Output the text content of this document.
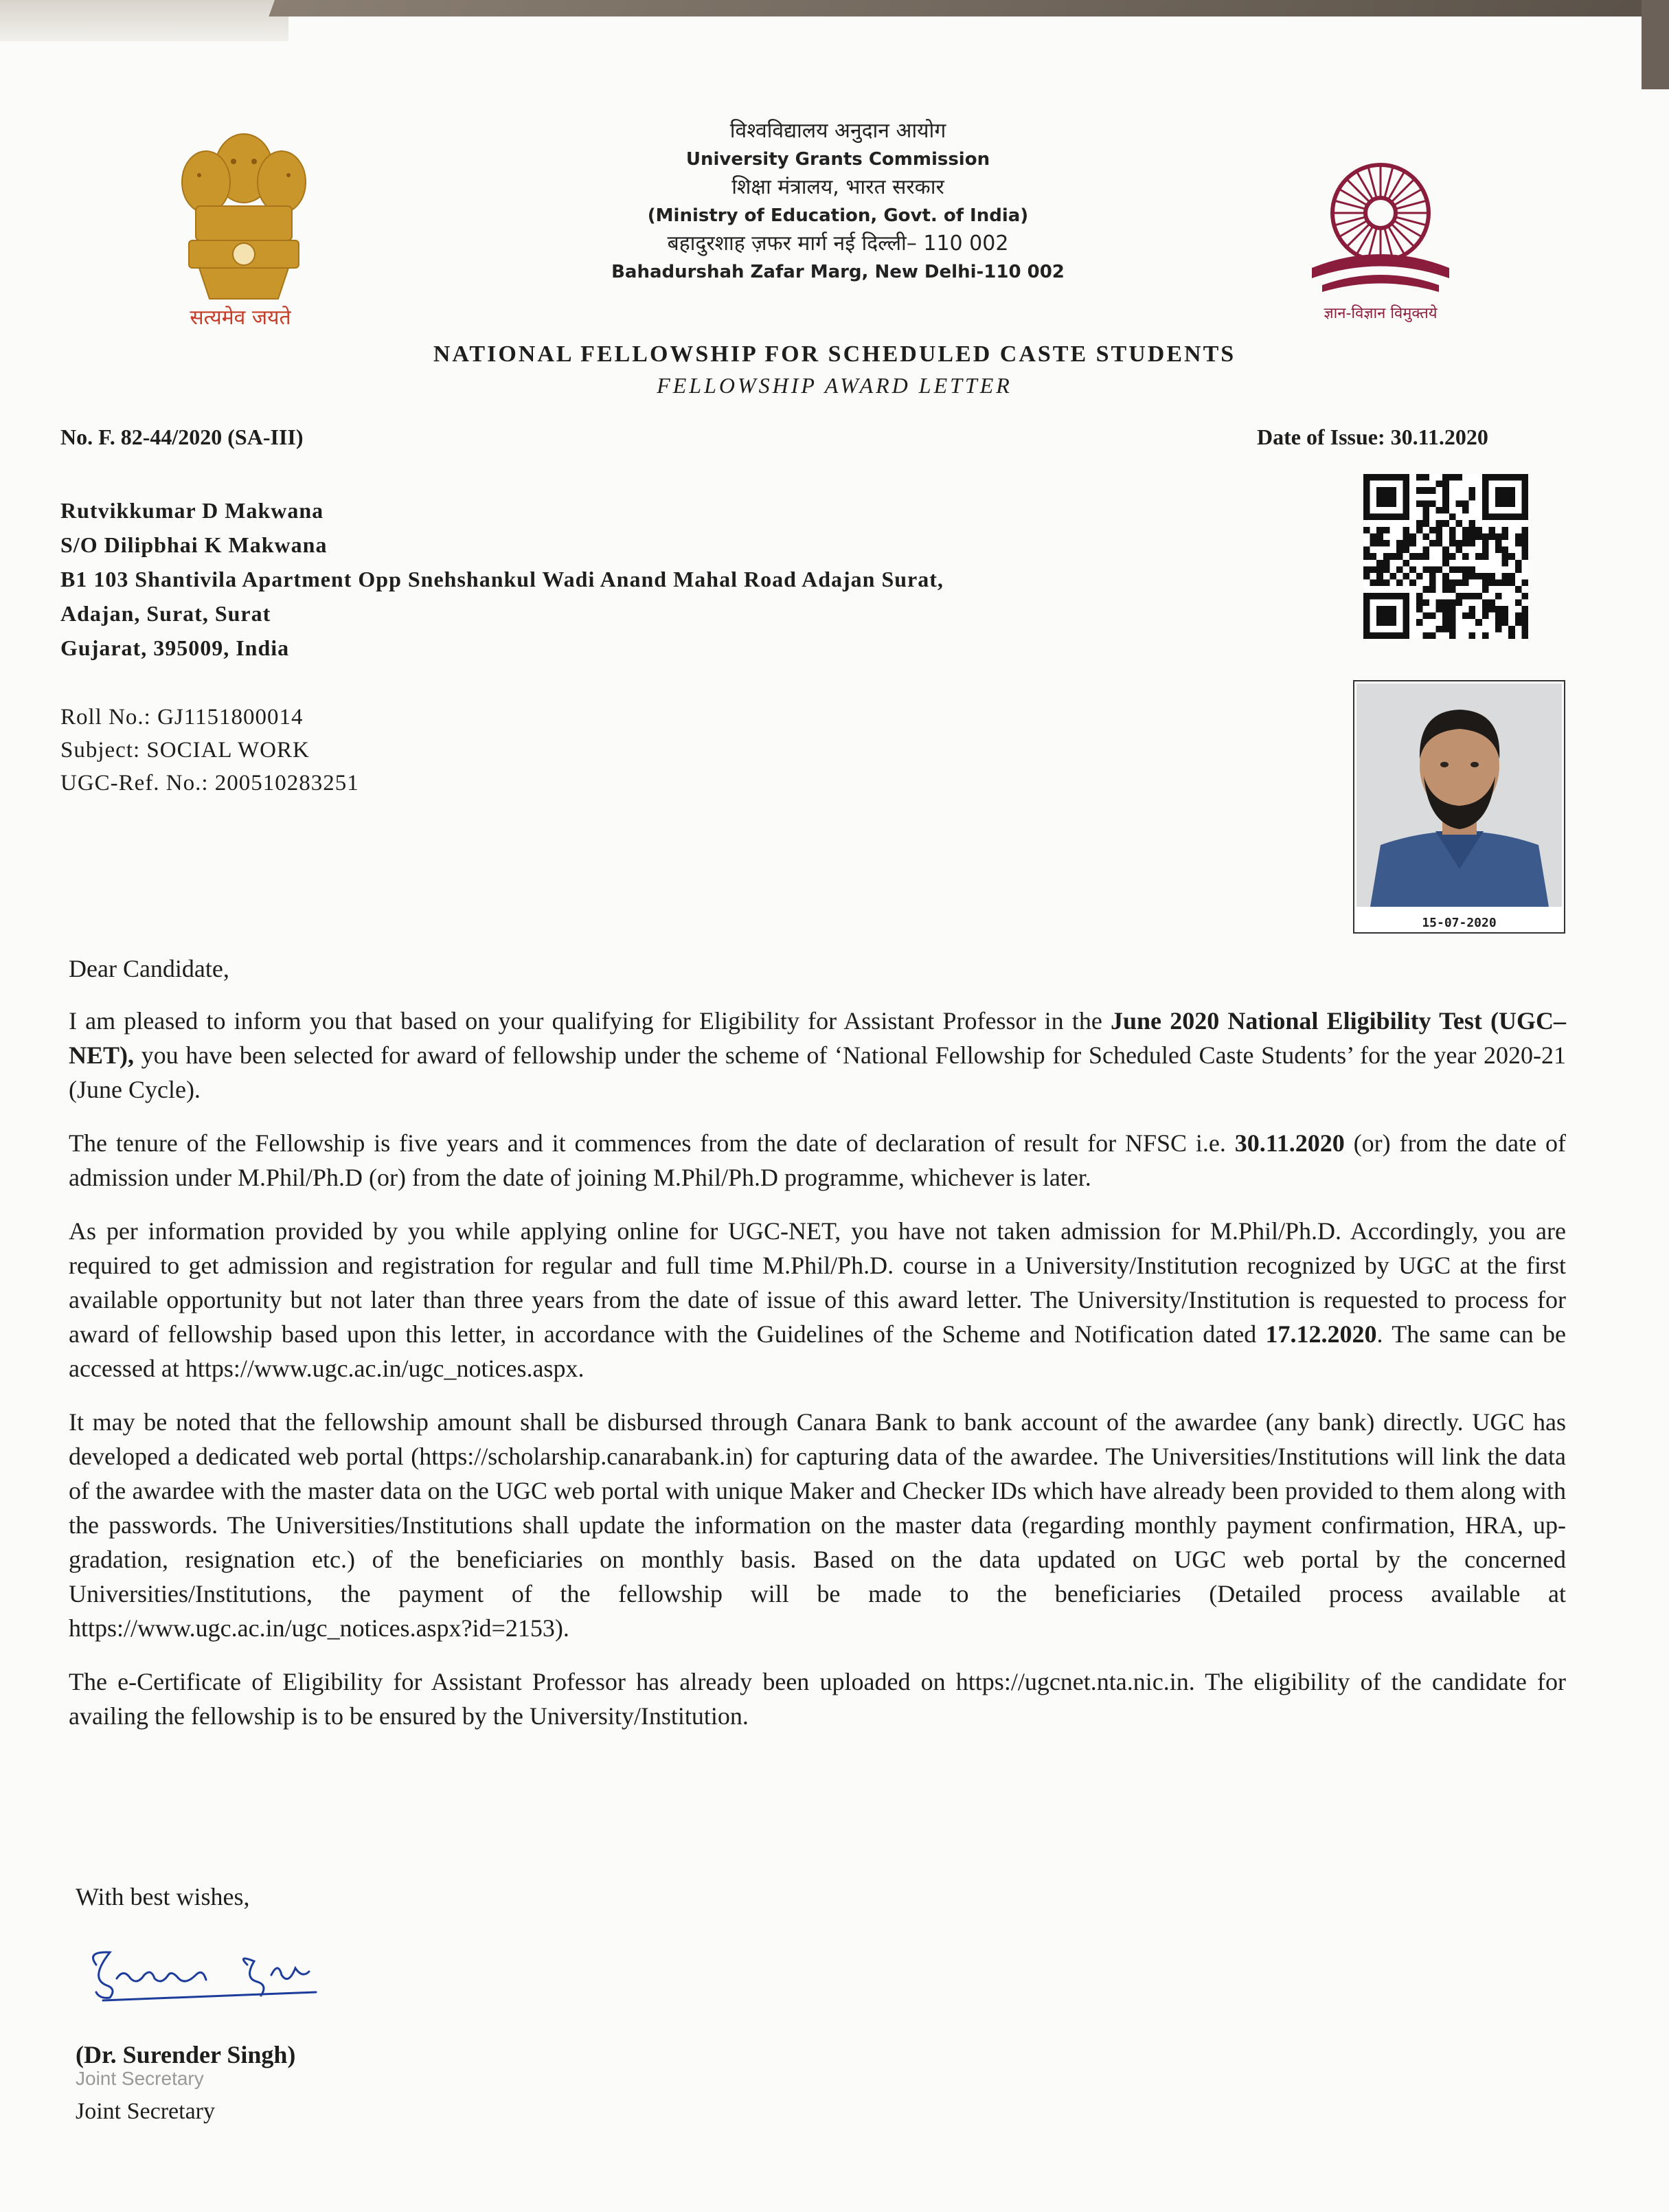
सत्यमेव जयते
विश्वविद्यालय अनुदान आयोग
University Grants Commission
शिक्षा मंत्रालय, भारत सरकार
(Ministry of Education, Govt. of India)
बहादुरशाह ज़फर मार्ग नई दिल्ली– 110 002
Bahadurshah Zafar Marg, New Delhi-110 002
ज्ञान-विज्ञान विमुक्तये
NATIONAL FELLOWSHIP FOR SCHEDULED CASTE STUDENTS
FELLOWSHIP AWARD LETTER
No. F. 82-44/2020 (SA-III)	Date of Issue: 30.11.2020
Rutvikkumar D Makwana
S/O Dilipbhai K Makwana
B1 103 Shantivila Apartment Opp Snehshankul Wadi Anand Mahal Road Adajan Surat,
Adajan, Surat, Surat
Gujarat, 395009, India
Roll No.: GJ1151800014
Subject: SOCIAL WORK
UGC-Ref. No.: 200510283251
15-07-2020

Dear Candidate,

I am pleased to inform you that based on your qualifying for Eligibility for Assistant Professor in the June 2020 National Eligibility Test (UGC–NET), you have been selected for award of fellowship under the scheme of ‘National Fellowship for Scheduled Caste Students’ for the year 2020-21 (June Cycle).

The tenure of the Fellowship is five years and it commences from the date of declaration of result for NFSC i.e. 30.11.2020 (or) from the date of admission under M.Phil/Ph.D (or) from the date of joining M.Phil/Ph.D programme, whichever is later.

As per information provided by you while applying online for UGC-NET, you have not taken admission for M.Phil/Ph.D. Accordingly, you are required to get admission and registration for regular and full time M.Phil/Ph.D. course in a University/Institution recognized by UGC at the first available opportunity but not later than three years from the date of issue of this award letter. The University/Institution is requested to process for award of fellowship based upon this letter, in accordance with the Guidelines of the Scheme and Notification dated 17.12.2020. The same can be accessed at https://www.ugc.ac.in/ugc_notices.aspx.

It may be noted that the fellowship amount shall be disbursed through Canara Bank to bank account of the awardee (any bank) directly. UGC has developed a dedicated web portal (https://scholarship.canarabank.in) for capturing data of the awardee. The Universities/Institutions will link the data of the awardee with the master data on the UGC web portal with unique Maker and Checker IDs which have already been provided to them along with the passwords. The Universities/Institutions shall update the information on the master data (regarding monthly payment confirmation, HRA, up-gradation, resignation etc.) of the beneficiaries on monthly basis. Based on the data updated on UGC web portal by the concerned Universities/Institutions, the payment of the fellowship will be made to the beneficiaries (Detailed process available at https://www.ugc.ac.in/ugc_notices.aspx?id=2153).

The e-Certificate of Eligibility for Assistant Professor has already been uploaded on https://ugcnet.nta.nic.in. The eligibility of the candidate for availing the fellowship is to be ensured by the University/Institution.

With best wishes,
(Dr. Surender Singh)
Joint Secretary
Joint Secretary
